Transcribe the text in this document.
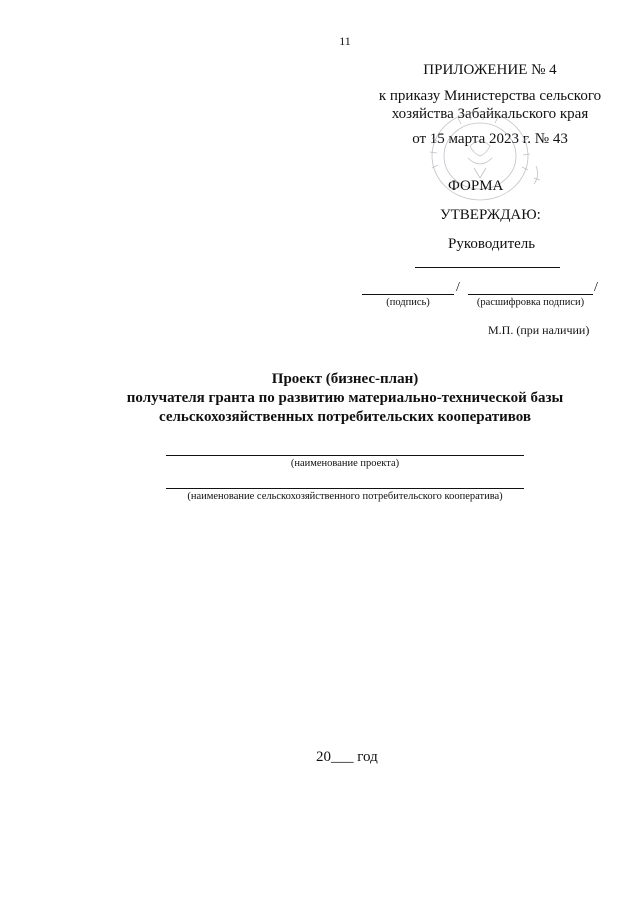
11
ПРИЛОЖЕНИЕ № 4
к приказу Министерства сельского
хозяйства Забайкальского края
от 15 марта 2023 г. № 43
ФОРМА
УТВЕРЖДАЮ:
Руководитель
/	/
(подпись)	(расшифровка подписи)
М.П. (при наличии)
Проект (бизнес-план)
получателя гранта по развитию материально-технической базы
сельскохозяйственных потребительских кооперативов
(наименование проекта)
(наименование сельскохозяйственного потребительского кооператива)
20___ год
